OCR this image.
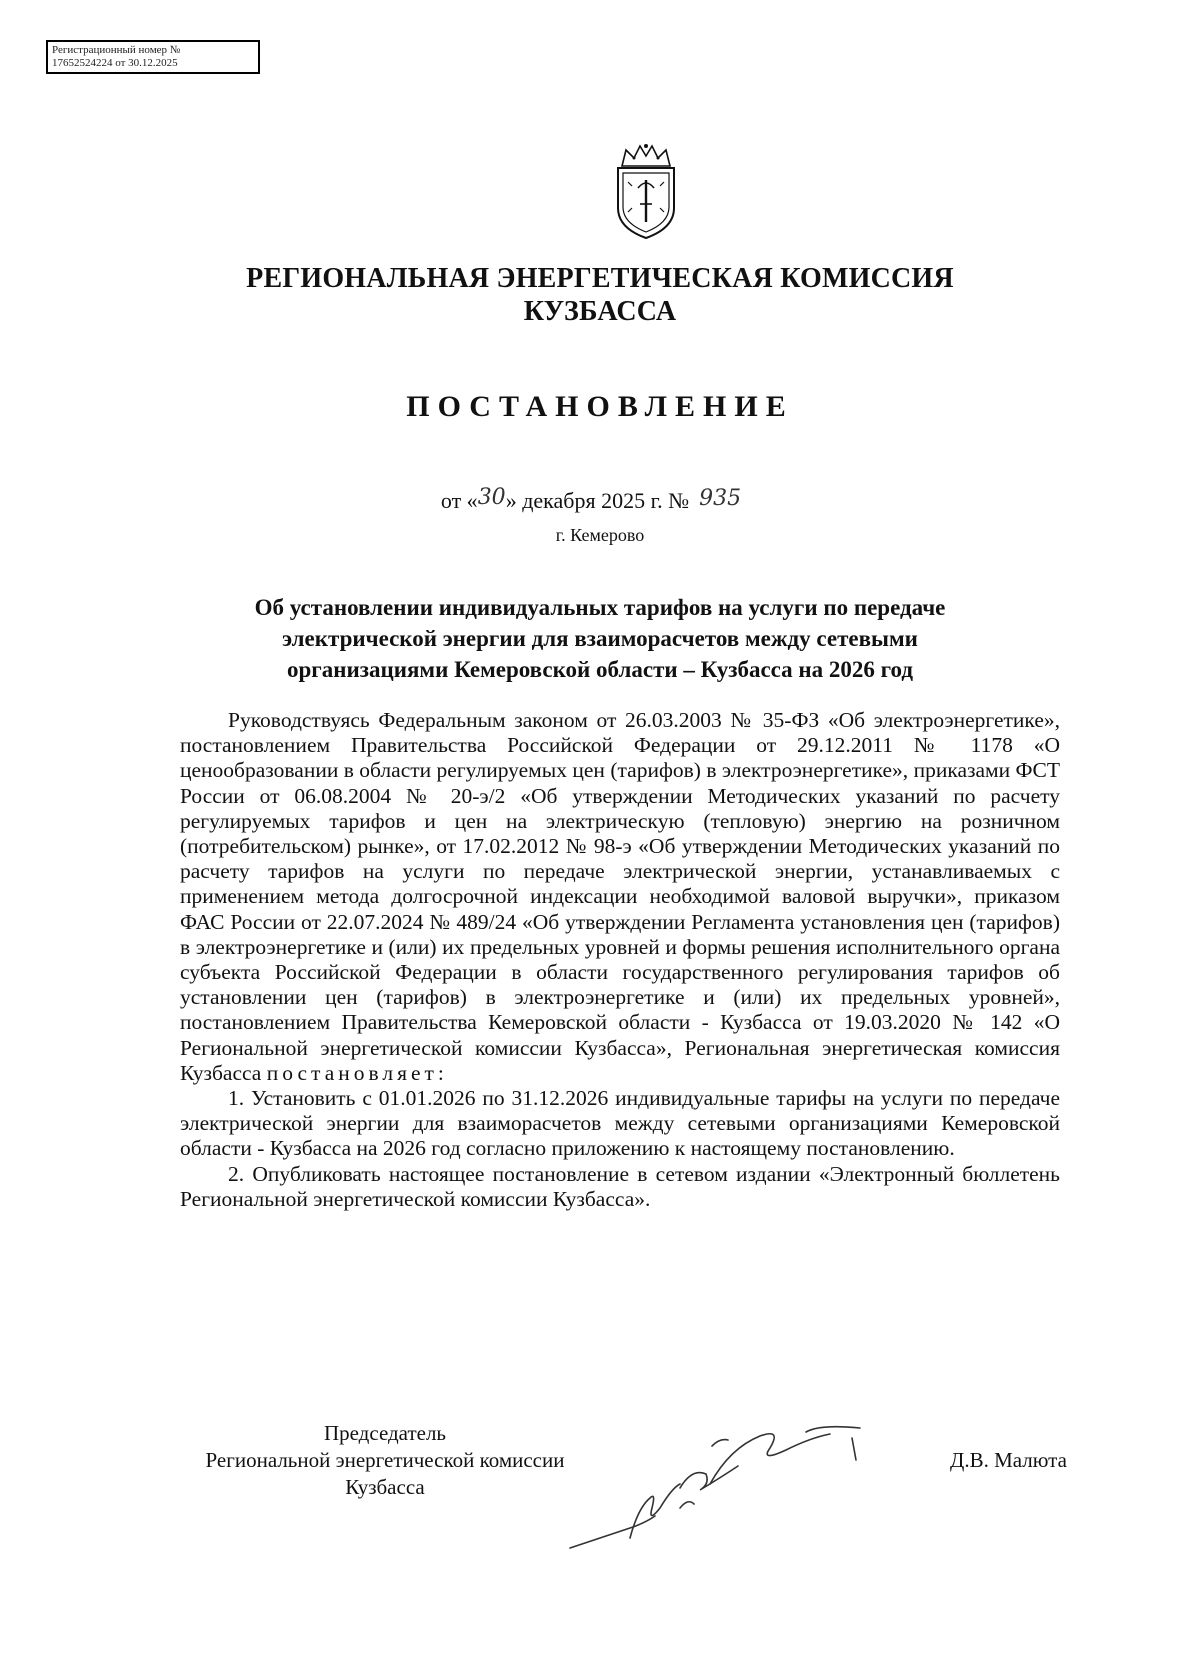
Регистрационный номер №
17652524224 от 30.12.2025
РЕГИОНАЛЬНАЯ ЭНЕРГЕТИЧЕСКАЯ КОМИССИЯ
КУЗБАССА
ПОСТАНОВЛЕНИЕ
от «30» декабря 2025 г. № 935
г. Кемерово
Об установлении индивидуальных тарифов на услуги по передаче
электрической энергии для взаиморасчетов между сетевыми
организациями Кемеровской области – Кузбасса на 2026 год

Руководствуясь Федеральным законом от 26.03.2003 № 35-ФЗ «Об электроэнергетике», постановлением Правительства Российской Федерации от 29.12.2011 № 1178 «О ценообразовании в области регулируемых цен (тарифов) в электроэнергетике», приказами ФСТ России от 06.08.2004 № 20-э/2 «Об утверждении Методических указаний по расчету регулируемых тарифов и цен на электрическую (тепловую) энергию на розничном (потребительском) рынке», от 17.02.2012 № 98-э «Об утверждении Методических указаний по расчету тарифов на услуги по передаче электрической энергии, устанавливаемых с применением метода долгосрочной индексации необходимой валовой выручки», приказом ФАС России от 22.07.2024 № 489/24 «Об утверждении Регламента установления цен (тарифов) в электроэнергетике и (или) их предельных уровней и формы решения исполнительного органа субъекта Российской Федерации в области государственного регулирования тарифов об установлении цен (тарифов) в электроэнергетике и (или) их предельных уровней», постановлением Правительства Кемеровской области - Кузбасса от 19.03.2020 № 142 «О Региональной энергетической комиссии Кузбасса», Региональная энергетическая комиссия Кузбасса постановляет:

1. Установить с 01.01.2026 по 31.12.2026 индивидуальные тарифы на услуги по передаче электрической энергии для взаиморасчетов между сетевыми организациями Кемеровской области - Кузбасса на 2026 год согласно приложению к настоящему постановлению.

2. Опубликовать настоящее постановление в сетевом издании «Электронный бюллетень Региональной энергетической комиссии Кузбасса».

Председатель
Региональной энергетической комиссии
Кузбасса
Д.В. Малюта
